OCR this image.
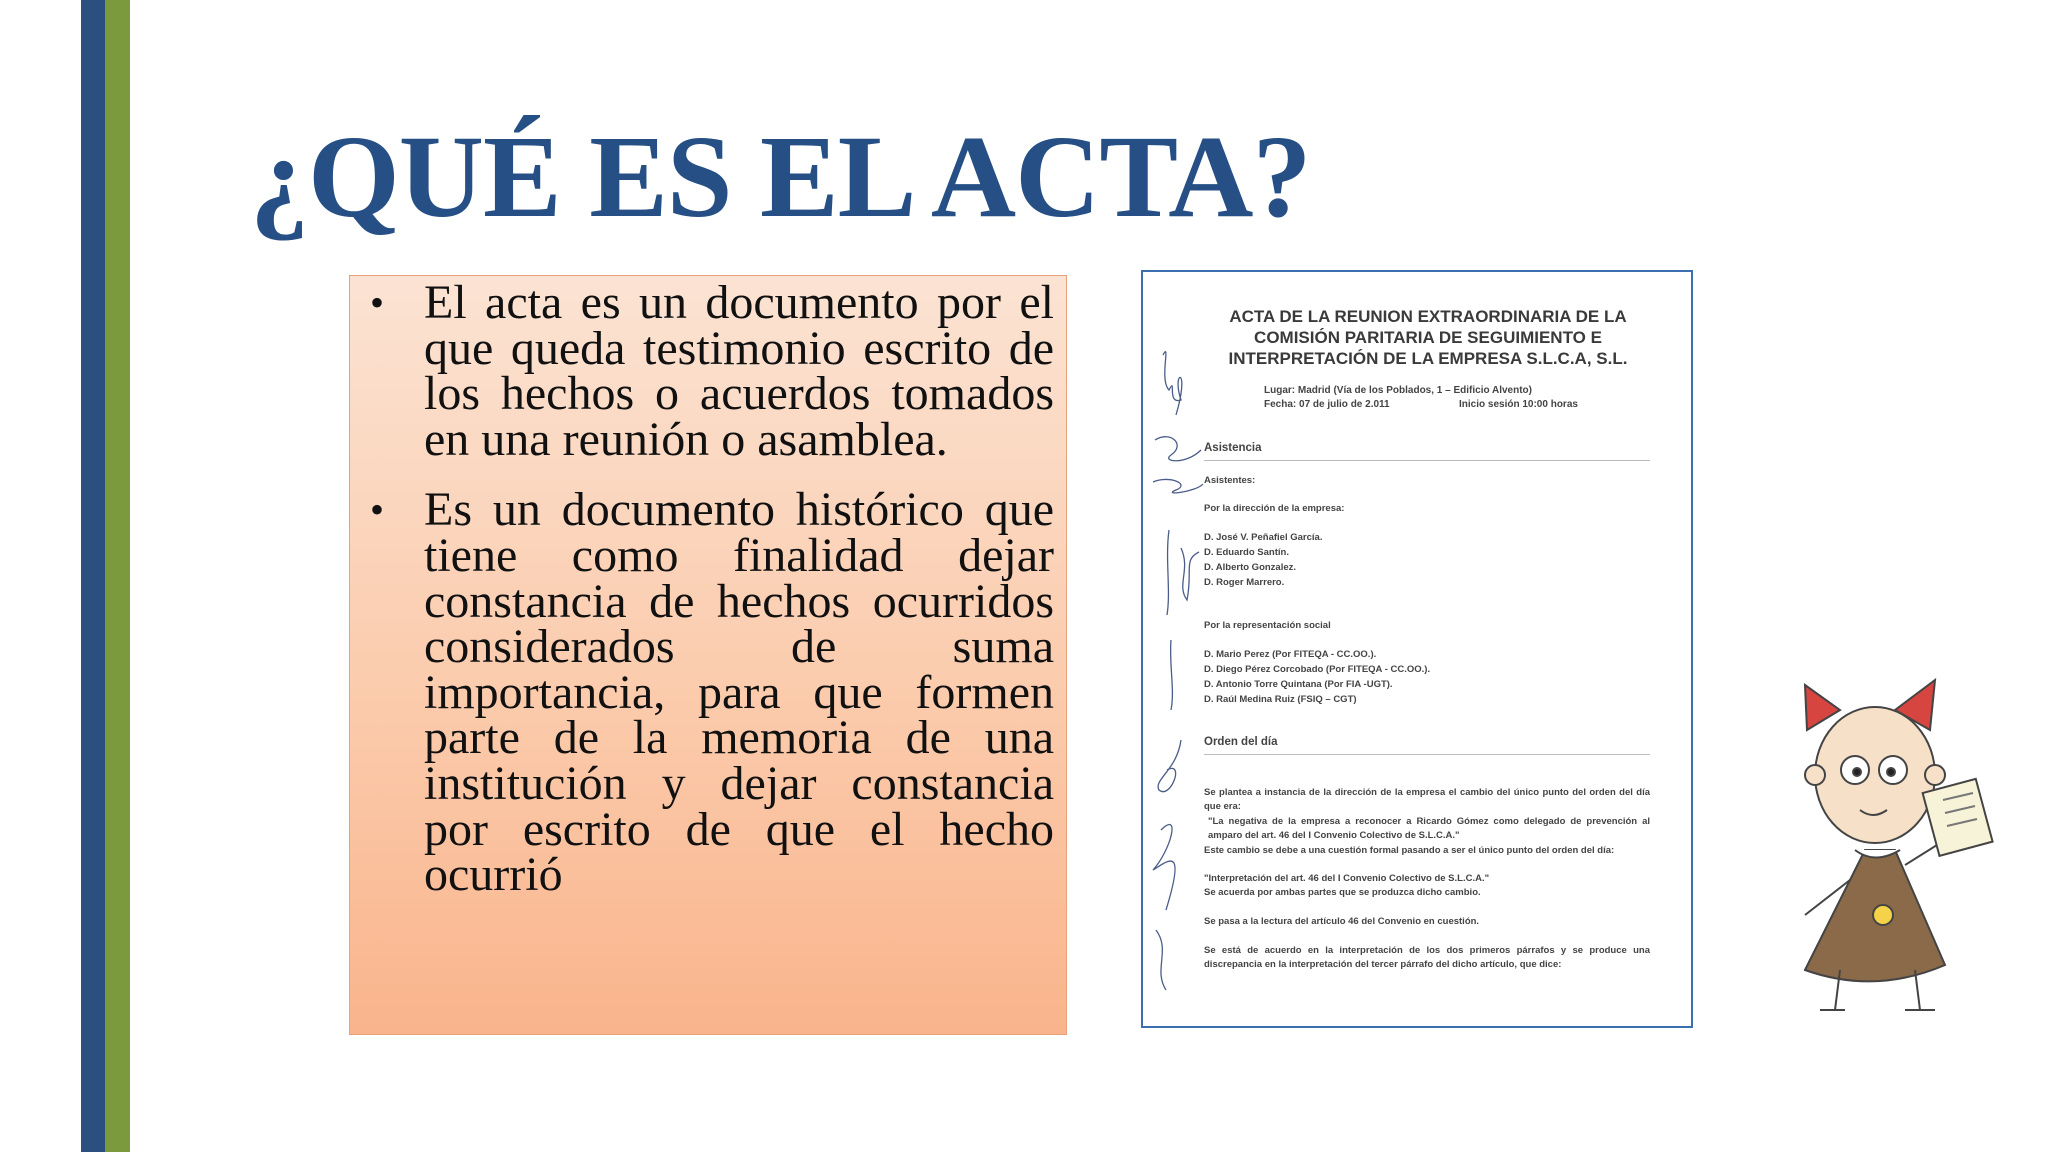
¿QUÉ ES EL ACTA?
• El acta es un documento por el que queda testimonio escrito de los hechos o acuerdos tomados en una reunión o asamblea.
• Es un documento histórico que tiene como finalidad dejar constancia de hechos ocurridos considerados de suma importancia, para que formen parte de la memoria de una institución y dejar constancia por escrito de que el hecho ocurrió
ACTA DE LA REUNION EXTRAORDINARIA DE LA
COMISIÓN PARITARIA DE SEGUIMIENTO E
INTERPRETACIÓN DE LA EMPRESA S.L.C.A, S.L.
Lugar: Madrid (Vía de los Poblados, 1 – Edificio Alvento)
Fecha: 07 de julio de 2.011	Inicio sesión 10:00 horas
Asistencia
Asistentes:
Por la dirección de la empresa:
D. José V. Peñafiel García.
D. Eduardo Santín.
D. Alberto Gonzalez.
D. Roger Marrero.
Por la representación social
D. Mario Perez (Por FITEQA - CC.OO.).
D. Diego Pérez Corcobado (Por FITEQA - CC.OO.).
D. Antonio Torre Quintana (Por FIA -UGT).
D. Raúl Medina Ruiz (FSIQ – CGT)
Orden del día
Se plantea a instancia de la dirección de la empresa el cambio del único punto del orden del día que era:
"La negativa de la empresa a reconocer a Ricardo Gómez como delegado de prevención al amparo del art. 46 del I Convenio Colectivo de S.L.C.A."
Este cambio se debe a una cuestión formal pasando a ser el único punto del orden del día:
"Interpretación del art. 46 del I Convenio Colectivo de S.L.C.A."
Se acuerda por ambas partes que se produzca dicho cambio.
Se pasa a la lectura del artículo 46 del Convenio en cuestión.
Se está de acuerdo en la interpretación de los dos primeros párrafos y se produce una discrepancia en la interpretación del tercer párrafo del dicho artículo, que dice:
